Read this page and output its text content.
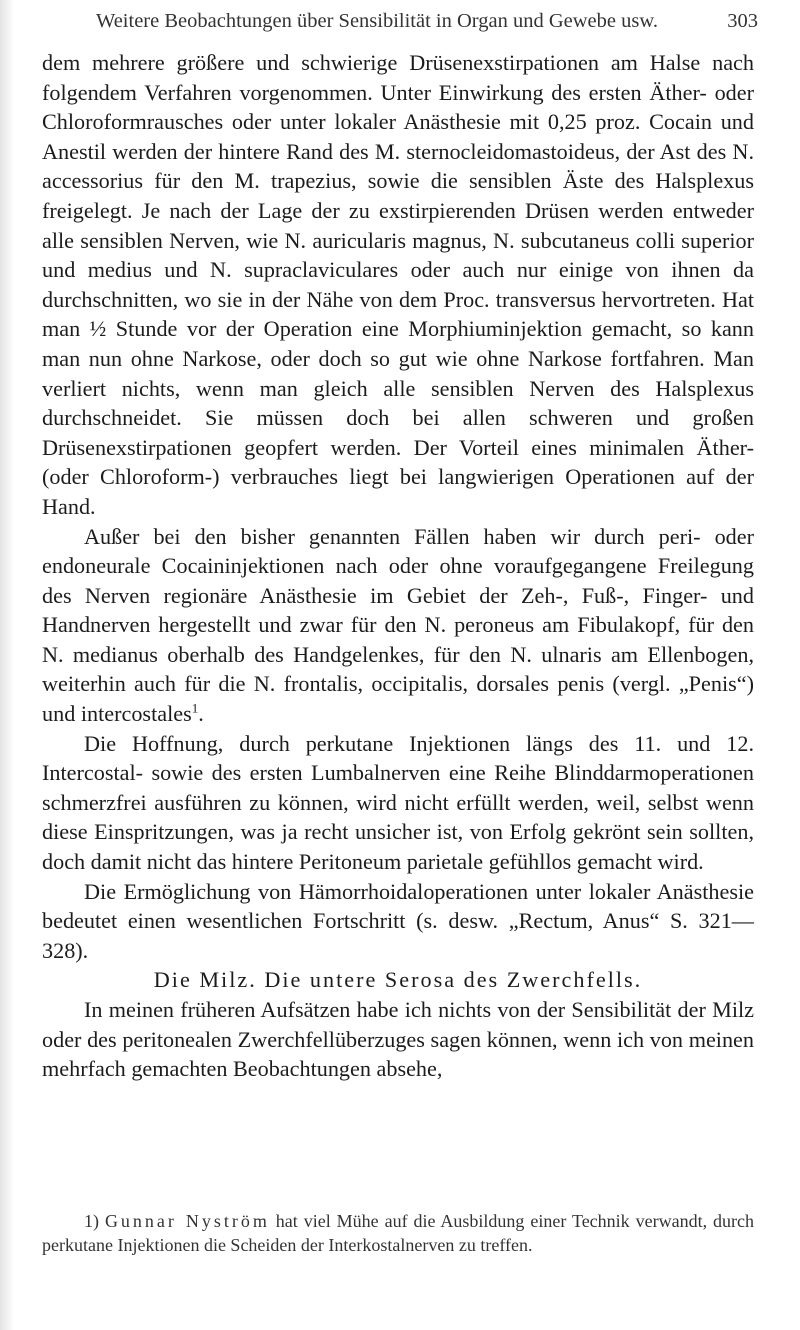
Weitere Beobachtungen über Sensibilität in Organ und Gewebe usw.	303

dem mehrere größere und schwierige Drüsenexstirpationen am Halse nach folgendem Verfahren vorgenommen. Unter Einwirkung des ersten Äther- oder Chloroformrausches oder unter lokaler Anästhesie mit 0,25 proz. Cocain und Anestil werden der hintere Rand des M. sternocleidomastoideus, der Ast des N. accessorius für den M. trapezius, sowie die sensiblen Äste des Halsplexus freigelegt. Je nach der Lage der zu exstirpierenden Drüsen werden entweder alle sensiblen Nerven, wie N. auricularis magnus, N. subcutaneus colli superior und medius und N. supraclaviculares oder auch nur einige von ihnen da durchschnitten, wo sie in der Nähe von dem Proc. transversus hervortreten. Hat man ½ Stunde vor der Operation eine Morphiuminjektion gemacht, so kann man nun ohne Narkose, oder doch so gut wie ohne Narkose fortfahren. Man verliert nichts, wenn man gleich alle sensiblen Nerven des Halsplexus durchschneidet. Sie müssen doch bei allen schweren und großen Drüsenexstirpationen geopfert werden. Der Vorteil eines minimalen Äther- (oder Chloroform-) verbrauches liegt bei langwierigen Operationen auf der Hand.

Außer bei den bisher genannten Fällen haben wir durch peri- oder endoneurale Cocaininjektionen nach oder ohne voraufgegangene Freilegung des Nerven regionäre Anästhesie im Gebiet der Zeh-, Fuß-, Finger- und Handnerven hergestellt und zwar für den N. peroneus am Fibulakopf, für den N. medianus oberhalb des Handgelenkes, für den N. ulnaris am Ellenbogen, weiterhin auch für die N. frontalis, occipitalis, dorsales penis (vergl. „Penis“) und intercostales$^1$.

Die Hoffnung, durch perkutane Injektionen längs des 11. und 12. Intercostal- sowie des ersten Lumbalnerven eine Reihe Blinddarmoperationen schmerzfrei ausführen zu können, wird nicht erfüllt werden, weil, selbst wenn diese Einspritzungen, was ja recht unsicher ist, von Erfolg gekrönt sein sollten, doch damit nicht das hintere Peritoneum parietale gefühllos gemacht wird.

Die Ermöglichung von Hämorrhoidaloperationen unter lokaler Anästhesie bedeutet einen wesentlichen Fortschritt (s. desw. „Rectum, Anus“ S. 321—328).

Die Milz. Die untere Serosa des Zwerchfells.

In meinen früheren Aufsätzen habe ich nichts von der Sensibilität der Milz oder des peritonealen Zwerchfellüberzuges sagen können, wenn ich von meinen mehrfach gemachten Beobachtungen absehe,

1) Gunnar Nyström hat viel Mühe auf die Ausbildung einer Technik verwandt, durch perkutane Injektionen die Scheiden der Interkostalnerven zu treffen.
